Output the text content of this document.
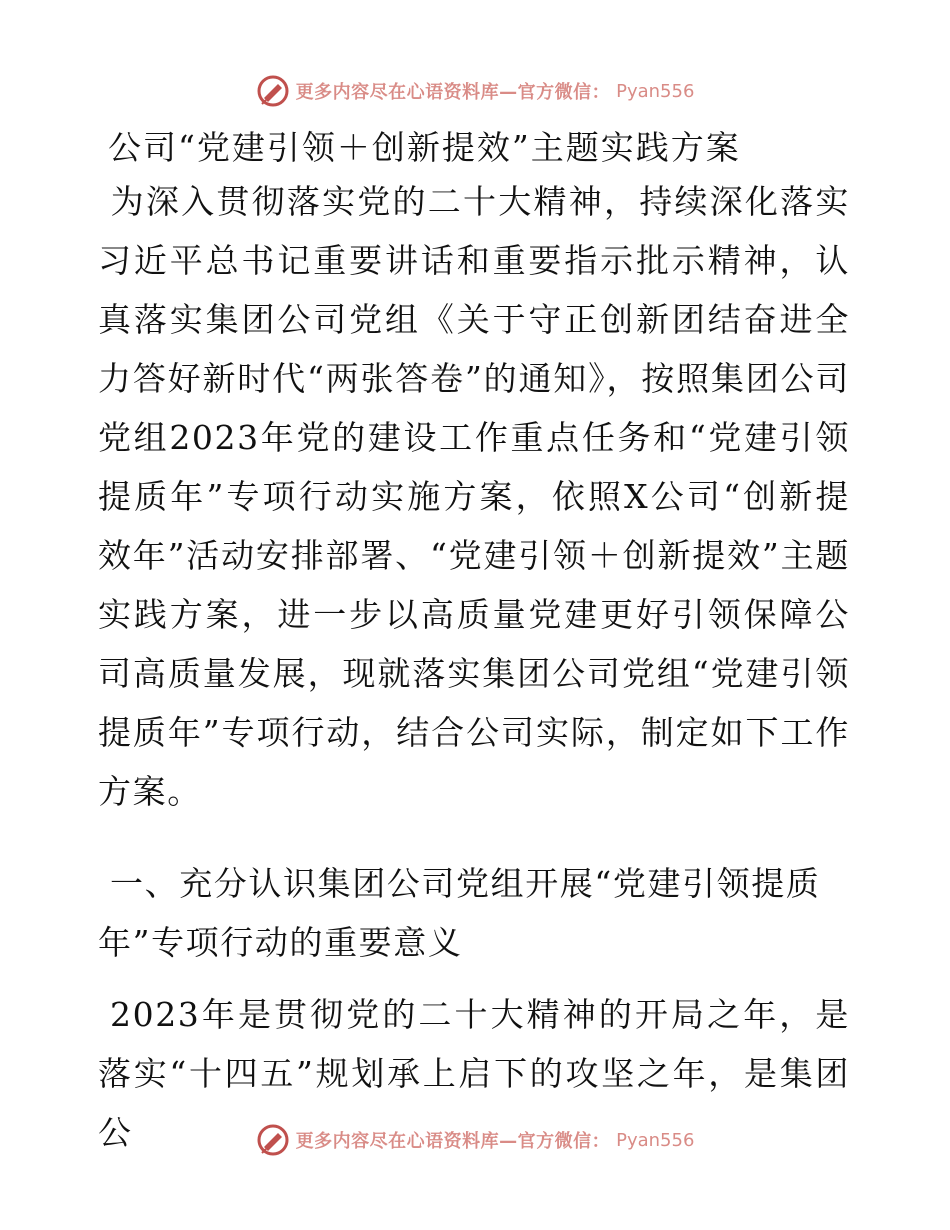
更多内容尽在心语资料库—官方微信： Pyan556
公司“党建引领＋创新提效”主题实践方案

为深入贯彻落实党的二十大精神，持续深化落实习近平总书记重要讲话和重要指示批示精神，认真落实集团公司党组《关于守正创新团结奋进全力答好新时代“两张答卷”的通知》，按照集团公司党组2023年党的建设工作重点任务和“党建引领提质年”专项行动实施方案，依照X公司“创新提效年”活动安排部署、“党建引领＋创新提效”主题实践方案，进一步以高质量党建更好引领保障公司高质量发展，现就落实集团公司党组“党建引领提质年”专项行动，结合公司实际，制定如下工作方案。

一、充分认识集团公司党组开展“党建引领提质年”专项行动的重要意义

2023年是贯彻党的二十大精神的开局之年，是落实“十四五”规划承上启下的攻坚之年，是集团公	更多内容尽在心语资料库—官方微信： Pyan556
